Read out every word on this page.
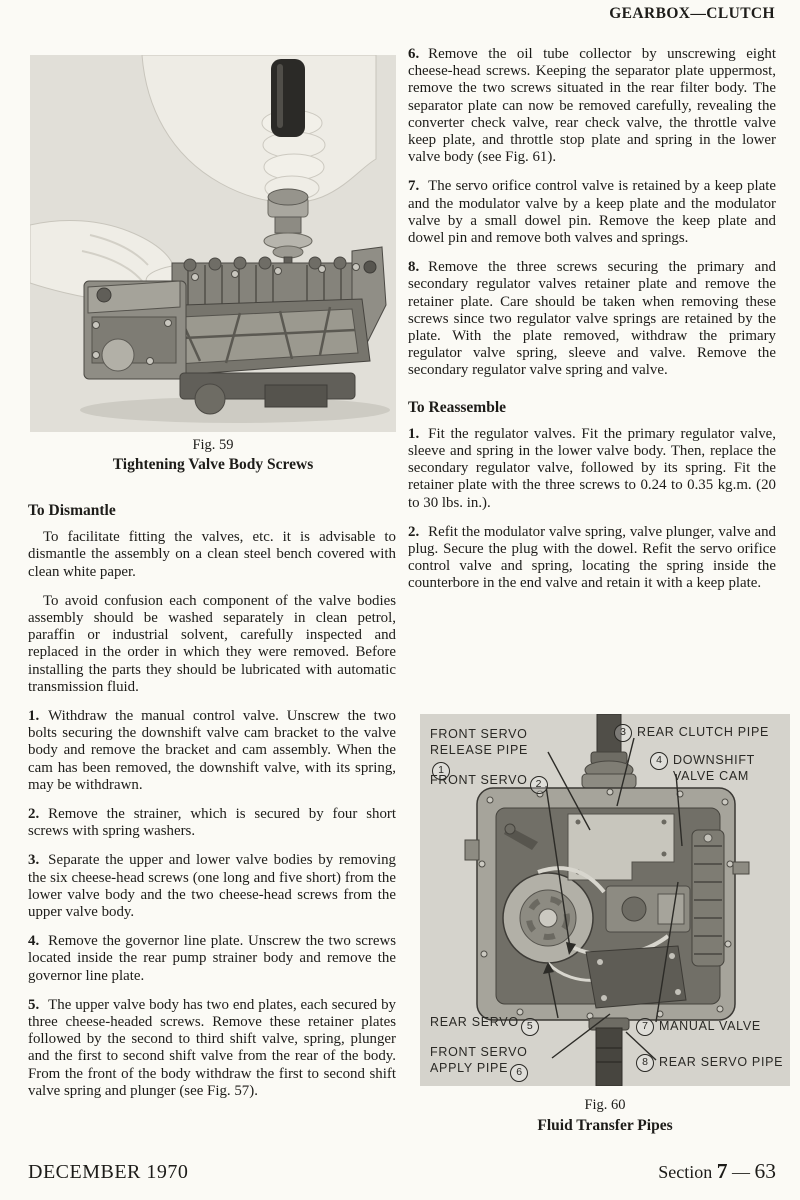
GEARBOX—CLUTCH
Fig. 59
Tightening Valve Body Screws
To Dismantle

To facilitate fitting the valves, etc. it is advisable to dismantle the assembly on a clean steel bench covered with clean white paper.

To avoid confusion each component of the valve bodies assembly should be washed separately in clean petrol, paraffin or industrial solvent, carefully inspected and replaced in the order in which they were removed. Before installing the parts they should be lubricated with automatic transmission fluid.

1. Withdraw the manual control valve. Unscrew the two bolts securing the downshift valve cam bracket to the valve body and remove the bracket and cam assembly. When the cam has been removed, the downshift valve, with its spring, may be withdrawn.

2. Remove the strainer, which is secured by four short screws with spring washers.

3. Separate the upper and lower valve bodies by removing the six cheese-head screws (one long and five short) from the lower valve body and the two cheese-head screws from the upper valve body.

4. Remove the governor line plate. Unscrew the two screws located inside the rear pump strainer body and remove the governor line plate.

5. The upper valve body has two end plates, each secured by three cheese-headed screws. Remove these retainer plates followed by the second to third shift valve, spring, plunger and the first to second shift valve from the rear of the body. From the front of the body withdraw the first to second shift valve spring and plunger (see Fig. 57).

6. Remove the oil tube collector by unscrewing eight cheese-head screws. Keeping the separator plate uppermost, remove the two screws situated in the rear filter body. The separator plate can now be removed carefully, revealing the converter check valve, rear check valve, the throttle valve keep plate, and throttle stop plate and spring in the lower valve body (see Fig. 61).

7. The servo orifice control valve is retained by a keep plate and the modulator valve by a keep plate and the modulator valve by a small dowel pin. Remove the keep plate and dowel pin and remove both valves and springs.

8. Remove the three screws securing the primary and secondary regulator valves retainer plate and remove the retainer plate. Care should be taken when removing these screws since two regulator valve springs are retained by the plate. With the plate removed, withdraw the primary regulator valve spring, sleeve and valve. Remove the secondary regulator valve spring and valve.

To Reassemble

1. Fit the regulator valves. Fit the primary regulator valve, sleeve and spring in the lower valve body. Then, replace the secondary regulator valve, followed by its spring. Fit the retainer plate with the three screws to 0.24 to 0.35 kg.m. (20 to 30 lbs. in.).

2. Refit the modulator valve spring, valve plunger, valve and plug. Secure the plug with the dowel. Refit the servo orifice control valve and spring, locating the spring inside the counterbore in the end valve and retain it with a keep plate.

FRONT SERVO RELEASE PIPE1
FRONT SERVO 2
3 REAR CLUTCH PIPE
4 DOWNSHIFT VALVE CAM
REAR SERVO 5
FRONT SERVO APPLY PIPE 6
7 MANUAL VALVE
8 REAR SERVO PIPE
Fig. 60
Fluid Transfer Pipes
DECEMBER 1970	Section 7 — 63
